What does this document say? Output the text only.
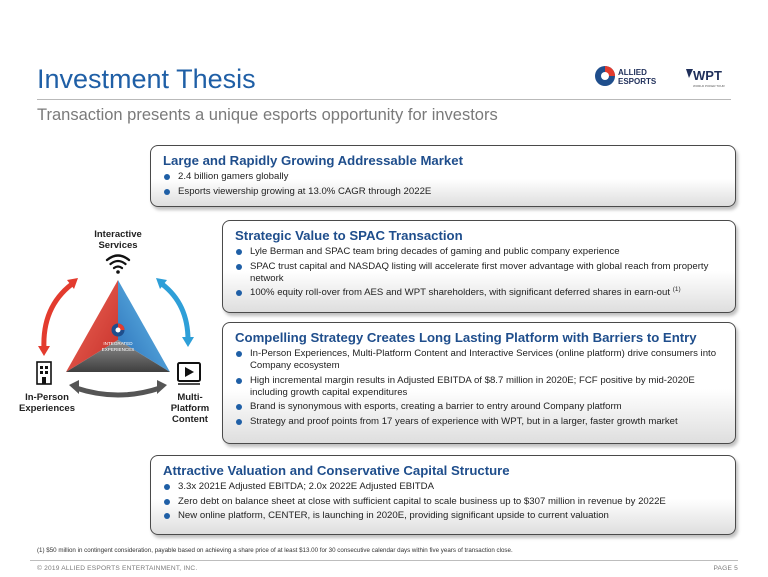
Investment Thesis
Transaction presents a unique esports opportunity for investors
ALLIED
ESPORTS	WPT
WORLD POKER TOUR
Large and Rapidly Growing Addressable Market
2.4 billion gamers globally
Esports viewership growing at 13.0% CAGR through 2022E
Strategic Value to SPAC Transaction
Lyle Berman and SPAC team bring decades of gaming and public company experience
SPAC trust capital and NASDAQ listing will accelerate first mover advantage with global reach from property network
100% equity roll-over from AES and WPT shareholders, with significant deferred shares in earn-out $^{(1)}$
Compelling Strategy Creates Long Lasting Platform with Barriers to Entry
In-Person Experiences, Multi-Platform Content and Interactive Services (online platform) drive consumers into Company ecosystem
High incremental margin results in Adjusted EBITDA of $8.7 million in 2020E; FCF positive by mid-2020E including growth capital expenditures
Brand is synonymous with esports, creating a barrier to entry around Company platform
Strategy and proof points from 17 years of experience with WPT, but in a larger, faster growth market
Attractive Valuation and Conservative Capital Structure
3.3x 2021E Adjusted EBITDA; 2.0x 2022E Adjusted EBITDA
Zero debt on balance sheet at close with sufficient capital to scale business up to $307 million in revenue by 2022E
New online platform, CENTER, is launching in 2020E, providing significant upside to current valuation
INTEGRATED
EXPERIENCES
Interactive
Services
In-Person
Experiences
Multi-
Platform
Content
(1) $50 million in contingent consideration, payable based on achieving a share price of at least $13.00 for 30 consecutive calendar days within five years of transaction close.
© 2019 ALLIED ESPORTS ENTERTAINMENT, INC.	PAGE 5
